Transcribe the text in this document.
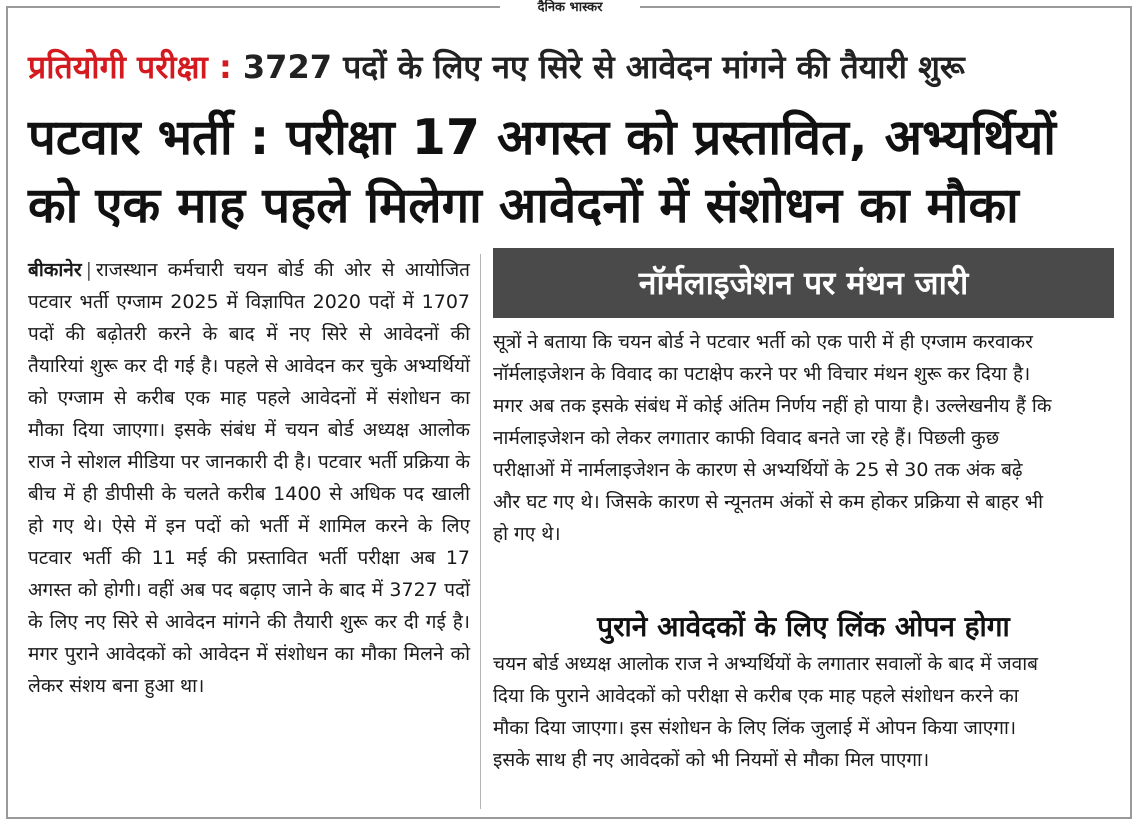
दैनिक भास्कर
प्रतियोगी परीक्षा : 3727 पदों के लिए नए सिरे से आवेदन मांगने की तैयारी शुरू
पटवार भर्ती : परीक्षा 17 अगस्त को प्रस्तावित, अभ्यर्थियों
को एक माह पहले मिलेगा आवेदनों में संशोधन का मौका
बीकानेर | राजस्थान कर्मचारी चयन बोर्ड की ओर से आयोजित पटवार भर्ती एग्जाम 2025 में विज्ञापित 2020 पदों में 1707 पदों की बढ़ोतरी करने के बाद में नए सिरे से आवेदनों की तैयारियां शुरू कर दी गई है। पहले से आवेदन कर चुके अभ्यर्थियों को एग्जाम से करीब एक माह पहले आवेदनों में संशोधन का मौका दिया जाएगा। इसके संबंध में चयन बोर्ड अध्यक्ष आलोक राज ने सोशल मीडिया पर जानकारी दी है। पटवार भर्ती प्रक्रिया के बीच में ही डीपीसी के चलते करीब 1400 से अधिक पद खाली हो गए थे। ऐसे में इन पदों को भर्ती में शामिल करने के लिए पटवार भर्ती की 11 मई की प्रस्तावित भर्ती परीक्षा अब 17 अगस्त को होगी। वहीं अब पद बढ़ाए जाने के बाद में 3727 पदों के लिए नए सिरे से आवेदन मांगने की तैयारी शुरू कर दी गई है। मगर पुराने आवेदकों को आवेदन में संशोधन का मौका मिलने को लेकर संशय बना हुआ था।
नॉर्मलाइजेशन पर मंथन जारी
सूत्रों ने बताया कि चयन बोर्ड ने पटवार भर्ती को एक पारी में ही एग्जाम करवाकर नॉर्मलाइजेशन के विवाद का पटाक्षेप करने पर भी विचार मंथन शुरू कर दिया है। मगर अब तक इसके संबंध में कोई अंतिम निर्णय नहीं हो पाया है। उल्लेखनीय हैं कि नार्मलाइजेशन को लेकर लगातार काफी विवाद बनते जा रहे हैं। पिछली कुछ परीक्षाओं में नार्मलाइजेशन के कारण से अभ्यर्थियों के 25 से 30 तक अंक बढ़े और घट गए थे। जिसके कारण से न्यूनतम अंकों से कम होकर प्रक्रिया से बाहर भी हो गए थे।
पुराने आवेदकों के लिए लिंक ओपन होगा
चयन बोर्ड अध्यक्ष आलोक राज ने अभ्यर्थियों के लगातार सवालों के बाद में जवाब दिया कि पुराने आवेदकों को परीक्षा से करीब एक माह पहले संशोधन करने का मौका दिया जाएगा। इस संशोधन के लिए लिंक जुलाई में ओपन किया जाएगा। इसके साथ ही नए आवेदकों को भी नियमों से मौका मिल पाएगा।
